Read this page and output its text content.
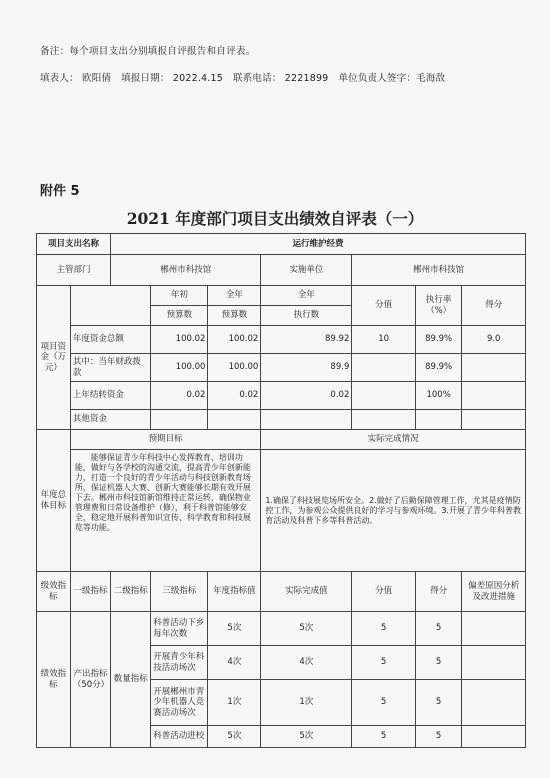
备注：每个项目支出分别填报自评报告和自评表。
填表人： 欧阳倩 填报日期： 2022.4.15 联系电话： 2221899 单位负责人签字：毛海敌
附件 5
2021 年度部门项目支出绩效自评表（一）
项目支出名称		运行维护经费						
主管部门		郴州市科技馆			实施单位	郴州市科技馆		
项目资金（万元）			年初	全年	全年	分值	执行率（%）	得分
			预算数	预算数	执行数			
	年度资金总额		100.02	100.02	89.92	10	89.9%	9.0
	其中：当年财政拨款		100.00	100.00	89.9		89.9%	
	上年结转资金		0.02	0.02	0.02		100%	
	其他资金							
年度总体目标	预期目标				实际完成情况			
	　　能够保证青少年科技中心发挥教育、培训功能，做好与各学校的沟通交流，提高青少年创新能力，打造一个良好的青少年活动与科技创新教育场所，保证机器人大赛、创新大赛能够长期有效开展下去。郴州市科技馆新馆维持正常运转，确保物业管理费和日常设备维护（修），利于科普馆能够安全，稳定地开展科普知识宣传、科学教育和科技展览等功能。				1.确保了科技展览场所安全。2.做好了后勤保障管理工作，尤其是疫情防控工作，为参观公众提供良好的学习与参观环境。3.开展了青少年科普教育活动及科普下乡等科普活动。			
级效指标	一级指标	二级指标	三级指标	年度指标值	实际完成值	分值	得分	偏差原因分析及改进措施
绩效指标	产出指标（50分）	数量指标	科普活动下乡每年次数	5次	5次	5	5	
			开展青少年科技活动场次	4次	4次	5	5	
			开展郴州市青少年机器人竞赛活动场次	1次	1次	5	5	
			科普活动进校	5次	5次	5	5	
